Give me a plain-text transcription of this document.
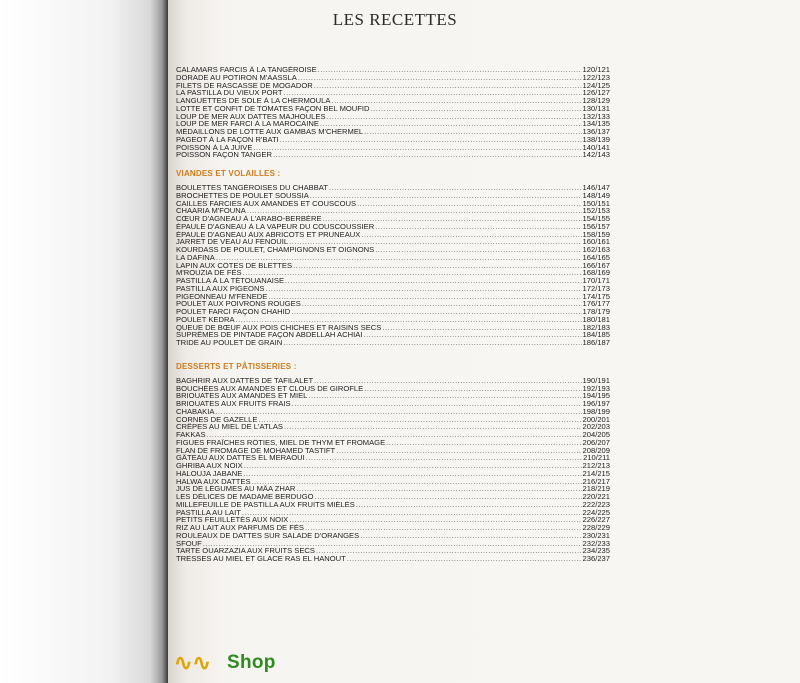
LES RECETTES
CALAMARS FARCIS À LA TANGÉROISE .....	120/121
DORADE AU POTIRON M'AASSLA .....	122/123
FILETS DE RASCASSE DE MOGADOR .....	124/125
LA PASTILLA DU VIEUX PORT .....	126/127
LANGUETTES DE SOLE À LA CHERMOULA .....	128/129
LOTTE ET CONFIT DE TOMATES FAÇON BEL MOUFID .....	130/131
LOUP DE MER AUX DATTES MAJHOULES .....	132/133
LOUP DE MER FARCI À LA MAROCAINE .....	134/135
MÉDAILLONS DE LOTTE AUX GAMBAS M'CHERMEL .....	136/137
PAGEOT À LA FAÇON R'BATI .....	138/139
POISSON À LA JUIVE .....	140/141
POISSON FAÇON TANGER .....	142/143
VIANDES ET VOLAILLES :
BOULETTES TANGÉROISES DU CHABBAT .....	146/147
BROCHETTES DE POULET SOUSSIA .....	148/149
CAILLES FARCIES AUX AMANDES ET COUSCOUS .....	150/151
CHAARIA M'FOUNA .....	152/153
CŒUR D'AGNEAU À L'ARABO-BERBÈRE .....	154/155
ÉPAULE D'AGNEAU À LA VAPEUR DU COUSCOUSSIER .....	156/157
ÉPAULE D'AGNEAU AUX ABRICOTS ET PRUNEAUX .....	158/159
JARRET DE VEAU AU FENOUIL .....	160/161
KOURDASS DE POULET, CHAMPIGNONS ET OIGNONS .....	162/163
LA DAFINA .....	164/165
LAPIN AUX CÔTES DE BLETTES .....	166/167
M'ROUZIA DE FÈS .....	168/169
PASTILLA À LA TÉTOUANAISE .....	170/171
PASTILLA AUX PIGEONS .....	172/173
PIGEONNEAU M'FENEDE .....	174/175
POULET AUX POIVRONS ROUGES .....	176/177
POULET FARCI FAÇON CHAHID .....	178/179
POULET KEDRA .....	180/181
QUEUE DE BŒUF AUX POIS CHICHES ET RAISINS SECS .....	182/183
SUPRÊMES DE PINTADE FAÇON ABDELLAH ACHIAI .....	184/185
TRIDE AU POULET DE GRAIN .....	186/187
DESSERTS ET PÂTISSERIES :
BAGHRIR AUX DATTES DE TAFILALET .....	190/191
BOUCHÉES AUX AMANDES ET CLOUS DE GIROFLE .....	192/193
BRIOUATES AUX AMANDES ET MIEL .....	194/195
BRIOUATES AUX FRUITS FRAIS .....	196/197
CHABAKIA .....	198/199
CORNES DE GAZELLE .....	200/201
CRÊPES AU MIEL DE L'ATLAS .....	202/203
FAKKAS .....	204/205
FIGUES FRAÎCHES RÔTIES, MIEL DE THYM ET FROMAGE .....	206/207
FLAN DE FROMAGE DE MOHAMED TASTIFT .....	208/209
GÂTEAU AUX DATTES EL MERAOUI .....	210/211
GHRIBA AUX NOIX .....	212/213
HALOUJA JABANE .....	214/215
HALWA AUX DATTES .....	216/217
JUS DE LÉGUMES AU MÂA ZHAR .....	218/219
LES DÉLICES DE MADAME BERDUGO .....	220/221
MILLEFEUILLE DE PASTILLA AUX FRUITS MIÉLÉS .....	222/223
PASTILLA AU LAIT .....	224/225
PETITS FEUILLETÉS AUX NOIX .....	226/227
RIZ AU LAIT AUX PARFUMS DE FÈS .....	228/229
ROULEAUX DE DATTES SUR SALADE D'ORANGES .....	230/231
SFOUF .....	232/233
TARTE OUARZAZIA AUX FRUITS SECS .....	234/235
TRESSES AU MIEL ET GLACE RAS EL HANOUT .....	236/237
∿∿ Shop
